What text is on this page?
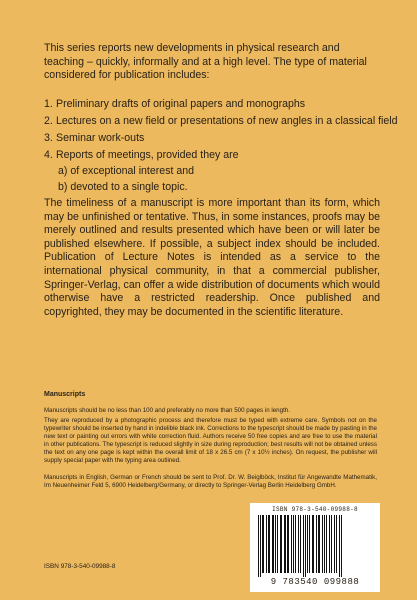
This series reports new developments in physical research and teaching – quickly, informally and at a high level. The type of material considered for publication includes:

1. Preliminary drafts of original papers and monographs
2. Lectures on a new field or presentations of new angles in a classical field
3. Seminar work-outs
4. Reports of meetings, provided they are
a) of exceptional interest and
b) devoted to a single topic.

The timeliness of a manuscript is more important than its form, which may be unfinished or tentative. Thus, in some instances, proofs may be merely outlined and results presented which have been or will later be published elsewhere. If possible, a subject index should be included. Publication of Lecture Notes is intended as a service to the international physical community, in that a commercial publisher, Springer-Verlag, can offer a wide distribution of documents which would otherwise have a restricted readership. Once published and copyrighted, they may be documented in the scientific literature.

Manuscripts

Manuscripts should be no less than 100 and preferably no more than 500 pages in length.

They are reproduced by a photographic process and therefore must be typed with extreme care. Symbols not on the typewriter should be inserted by hand in indelible black ink. Corrections to the typescript should be made by pasting in the new text or painting out errors with white correction fluid. Authors receive 50 free copies and are free to use the material in other publications. The typescript is reduced slightly in size during reproduction; best results will not be obtained unless the text on any one page is kept within the overall limit of 18 x 26.5 cm (7 x 10½ inches). On request, the publisher will supply special paper with the typing area outlined.

Manuscripts in English, German or French should be sent to Prof. Dr. W. Beiglböck, Institut für Angewandte Mathematik, Im Neuenheimer Feld 5, 6900 Heidelberg/Germany, or directly to Springer-Verlag Berlin Heidelberg GmbH.

ISBN 978-3-540-09988-8
9 783540 099888
ISBN 978-3-540-09988-8
